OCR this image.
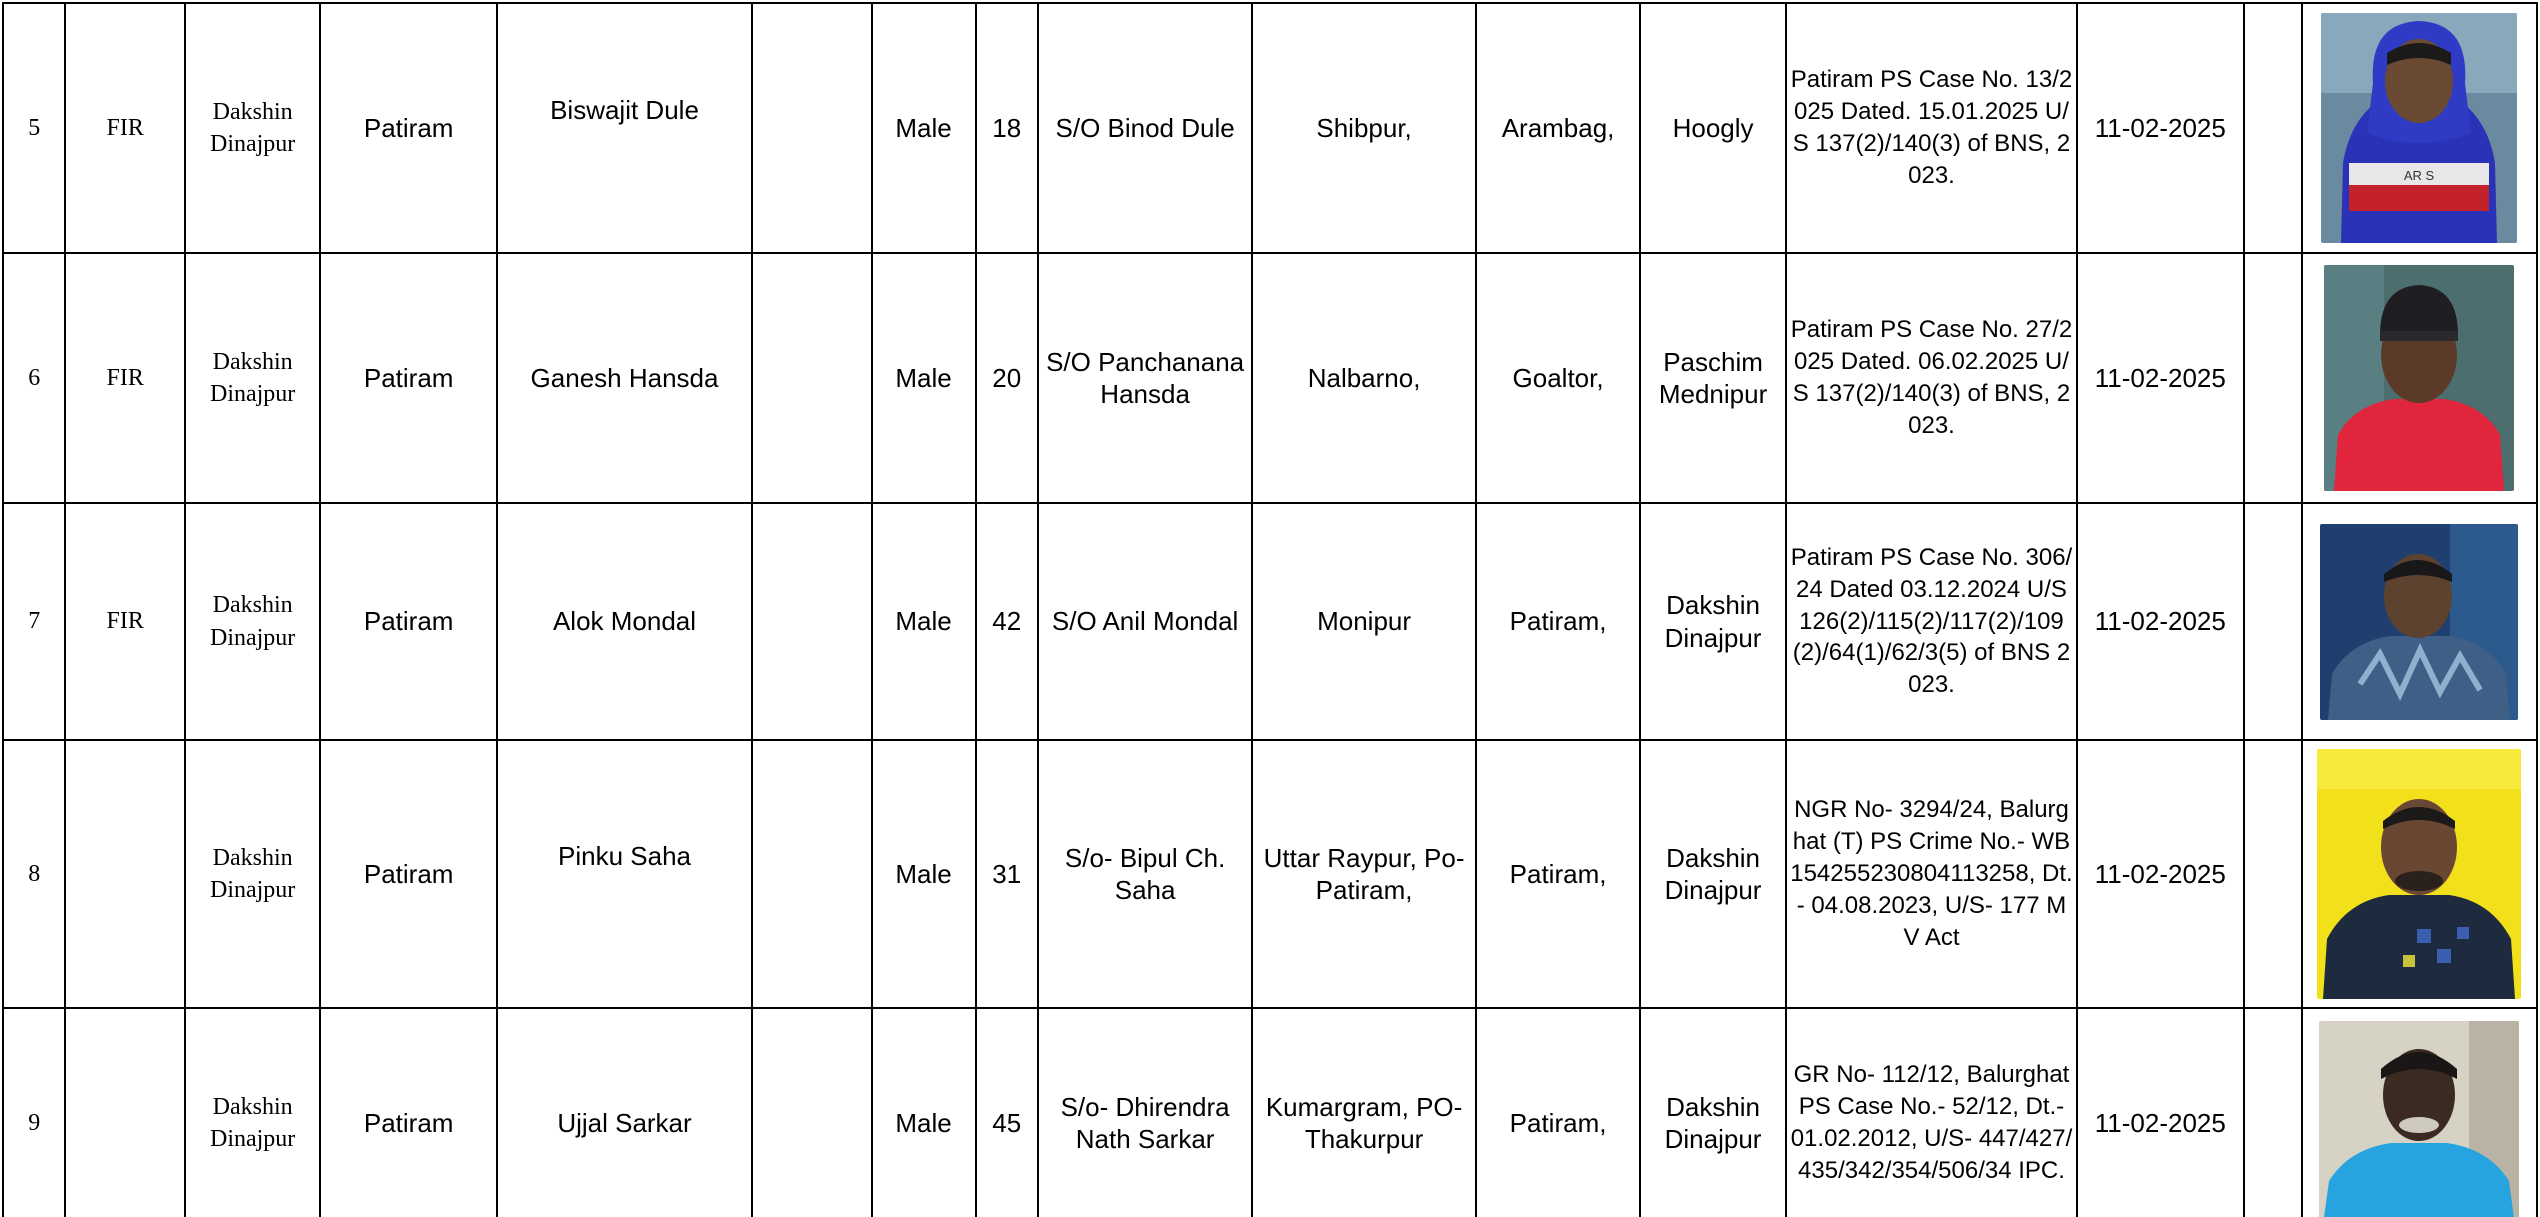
5	FIR	Dakshin Dinajpur	Patiram	Biswajit Dule		Male	18	S/O Binod Dule	Shibpur,	Arambag,	Hoogly	Patiram PS Case No. 13/2025 Dated. 15.01.2025 U/S 137(2)/140(3) of BNS, 2023.	11-02-2025		AR S

6	FIR	Dakshin Dinajpur	Patiram	Ganesh Hansda		Male	20	S/O Panchanana Hansda	Nalbarno,	Goaltor,	Paschim Mednipur	Patiram PS Case No. 27/2025 Dated. 06.02.2025 U/S 137(2)/140(3) of BNS, 2023.	11-02-2025		

7	FIR	Dakshin Dinajpur	Patiram	Alok Mondal		Male	42	S/O Anil Mondal	Monipur	Patiram,	Dakshin Dinajpur	Patiram PS Case No. 306/24 Dated 03.12.2024 U/S 126(2)/115(2)/117(2)/109(2)/64(1)/62/3(5) of BNS 2023.	11-02-2025		

8		Dakshin Dinajpur	Patiram	Pinku Saha		Male	31	S/o- Bipul Ch. Saha	Uttar Raypur, Po- Patiram,	Patiram,	Dakshin Dinajpur	NGR No- 3294/24, Balurghat (T) PS Crime No.- WB154255230804113258, Dt.- 04.08.2023, U/S- 177 MV Act	11-02-2025		

9		Dakshin Dinajpur	Patiram	Ujjal Sarkar		Male	45	S/o- Dhirendra Nath Sarkar	Kumargram, PO- Thakurpur	Patiram,	Dakshin Dinajpur	GR No- 112/12, Balurghat PS Case No.- 52/12, Dt.- 01.02.2012, U/S- 447/427/435/342/354/506/34 IPC.	11-02-2025		
